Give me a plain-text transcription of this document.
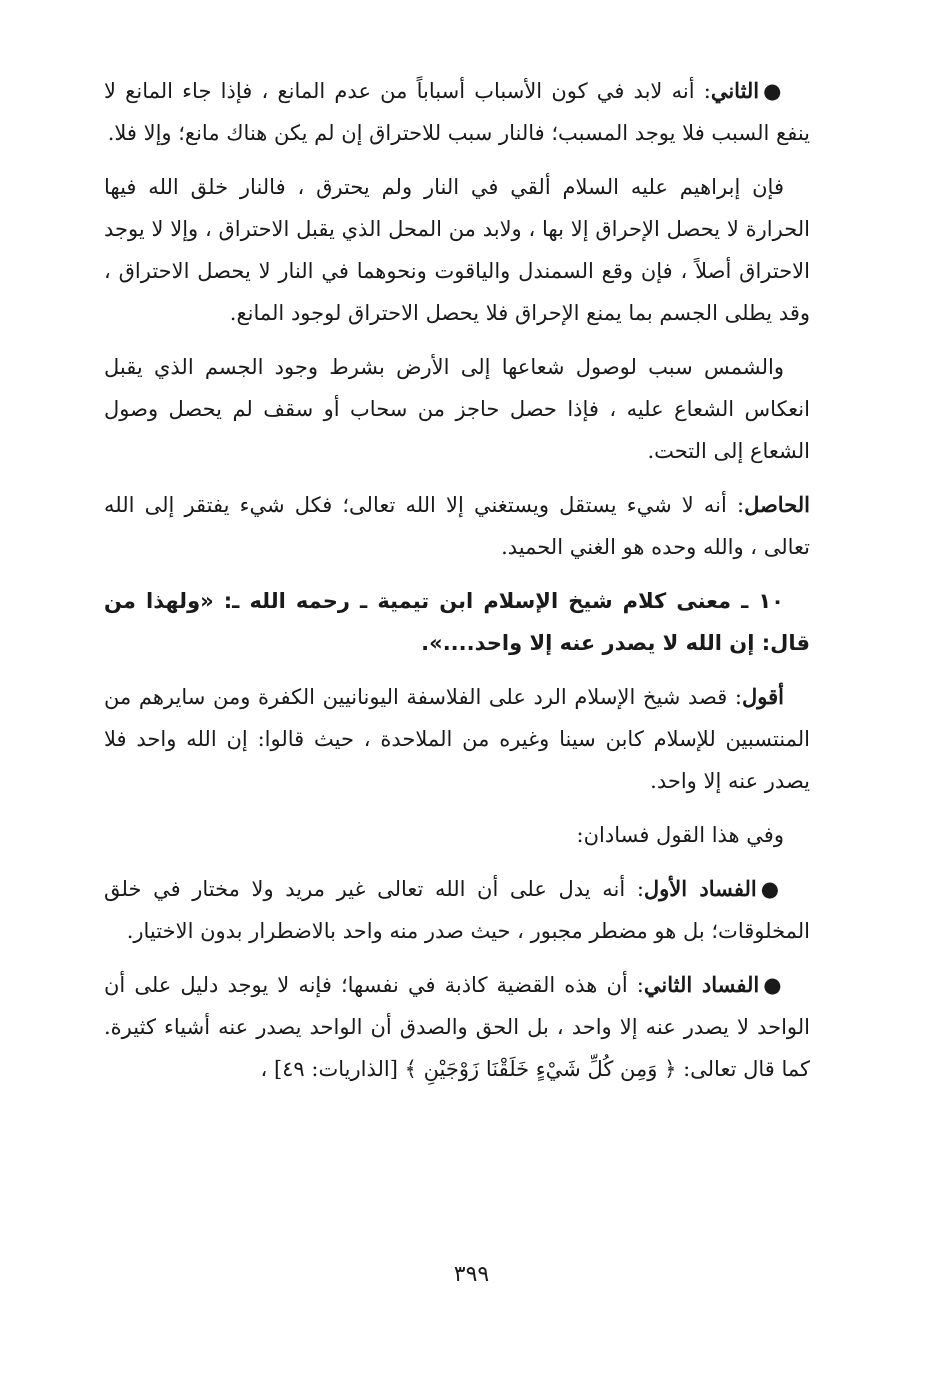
●الثاني: أنه لابد في كون الأسباب أسباباً من عدم المانع ، فإذا جاء المانع لا ينفع السبب فلا يوجد المسبب؛ فالنار سبب للاحتراق إن لم يكن هناك مانع؛ وإلا فلا.

فإن إبراهيم عليه السلام ألقي في النار ولم يحترق ، فالنار خلق الله فيها الحرارة لا يحصل الإحراق إلا بها ، ولابد من المحل الذي يقبل الاحتراق ، وإلا لا يوجد الاحتراق أصلاً ، فإن وقع السمندل والياقوت ونحوهما في النار لا يحصل الاحتراق ، وقد يطلى الجسم بما يمنع الإحراق فلا يحصل الاحتراق لوجود المانع.

والشمس سبب لوصول شعاعها إلى الأرض بشرط وجود الجسم الذي يقبل انعكاس الشعاع عليه ، فإذا حصل حاجز من سحاب أو سقف لم يحصل وصول الشعاع إلى التحت.

الحاصل: أنه لا شيء يستقل ويستغني إلا الله تعالى؛ فكل شيء يفتقر إلى الله تعالى ، والله وحده هو الغني الحميد.

١٠ ـ معنى كلام شيخ الإسلام ابن تيمية ـ رحمه الله ـ: «ولهذا من قال: إن الله لا يصدر عنه إلا واحد....».

أقول: قصد شيخ الإسلام الرد على الفلاسفة اليونانيين الكفرة ومن سايرهم من المنتسبين للإسلام كابن سينا وغيره من الملاحدة ، حيث قالوا: إن الله واحد فلا يصدر عنه إلا واحد.

وفي هذا القول فسادان:

●الفساد الأول: أنه يدل على أن الله تعالى غير مريد ولا مختار في خلق المخلوقات؛ بل هو مضطر مجبور ، حيث صدر منه واحد بالاضطرار بدون الاختيار.

●الفساد الثاني: أن هذه القضية كاذبة في نفسها؛ فإنه لا يوجد دليل على أن الواحد لا يصدر عنه إلا واحد ، بل الحق والصدق أن الواحد يصدر عنه أشياء كثيرة. كما قال تعالى: ﴿ وَمِن كُلِّ شَيْءٍ خَلَقْنَا زَوْجَيْنِ ﴾ [الذاريات: ٤٩] ،

٣٩٩
